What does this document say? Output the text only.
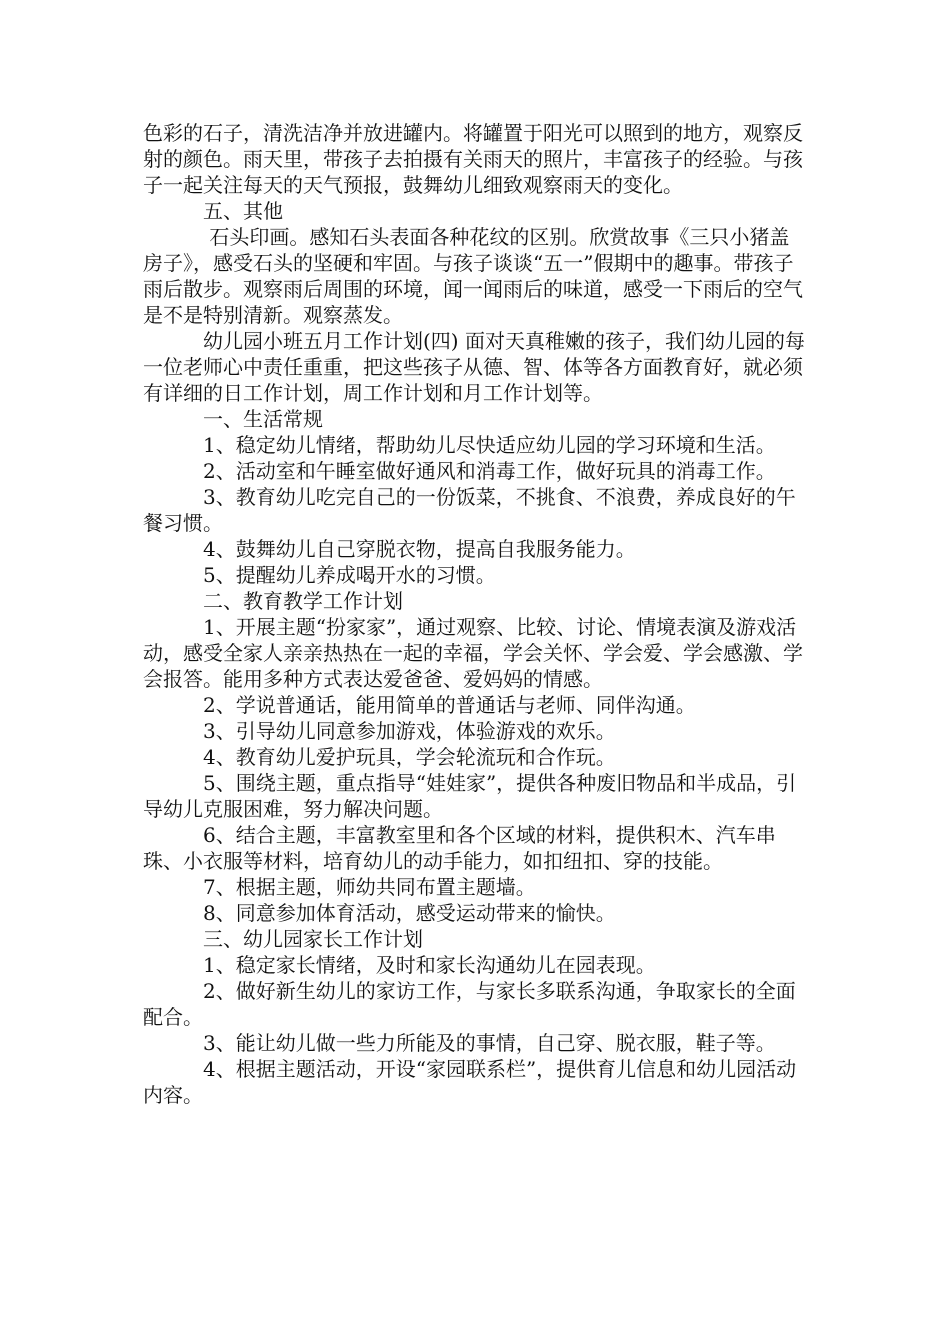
色彩的石子，清洗洁净并放进罐内。将罐置于阳光可以照到的地方，观察反射的颜色。雨天里，带孩子去拍摄有关雨天的照片，丰富孩子的经验。与孩子一起关注每天的天气预报，鼓舞幼儿细致观察雨天的变化。

五、其他

石头印画。感知石头表面各种花纹的区别。欣赏故事《三只小猪盖房子》，感受石头的坚硬和牢固。与孩子谈谈“五一”假期中的趣事。带孩子雨后散步。观察雨后周围的环境，闻一闻雨后的味道，感受一下雨后的空气是不是特别清新。观察蒸发。

幼儿园小班五月工作计划(四) 面对天真稚嫩的孩子，我们幼儿园的每一位老师心中责任重重，把这些孩子从德、智、体等各方面教育好，就必须有详细的日工作计划，周工作计划和月工作计划等。

一、生活常规

1、稳定幼儿情绪，帮助幼儿尽快适应幼儿园的学习环境和生活。

2、活动室和午睡室做好通风和消毒工作，做好玩具的消毒工作。

3、教育幼儿吃完自己的一份饭菜，不挑食、不浪费，养成良好的午餐习惯。

4、鼓舞幼儿自己穿脱衣物，提高自我服务能力。

5、提醒幼儿养成喝开水的习惯。

二、教育教学工作计划

1、开展主题“扮家家”，通过观察、比较、讨论、情境表演及游戏活动，感受全家人亲亲热热在一起的幸福，学会关怀、学会爱、学会感激、学会报答。能用多种方式表达爱爸爸、爱妈妈的情感。

2、学说普通话，能用简单的普通话与老师、同伴沟通。

3、引导幼儿同意参加游戏，体验游戏的欢乐。

4、教育幼儿爱护玩具，学会轮流玩和合作玩。

5、围绕主题，重点指导“娃娃家”，提供各种废旧物品和半成品，引导幼儿克服困难，努力解决问题。

6、结合主题，丰富教室里和各个区域的材料，提供积木、汽车串珠、小衣服等材料，培育幼儿的动手能力，如扣纽扣、穿的技能。

7、根据主题，师幼共同布置主题墙。

8、同意参加体育活动，感受运动带来的愉快。

三、幼儿园家长工作计划

1、稳定家长情绪，及时和家长沟通幼儿在园表现。

2、做好新生幼儿的家访工作，与家长多联系沟通，争取家长的全面配合。

3、能让幼儿做一些力所能及的事情，自己穿、脱衣服，鞋子等。

4、根据主题活动，开设“家园联系栏”，提供育儿信息和幼儿园活动内容。
